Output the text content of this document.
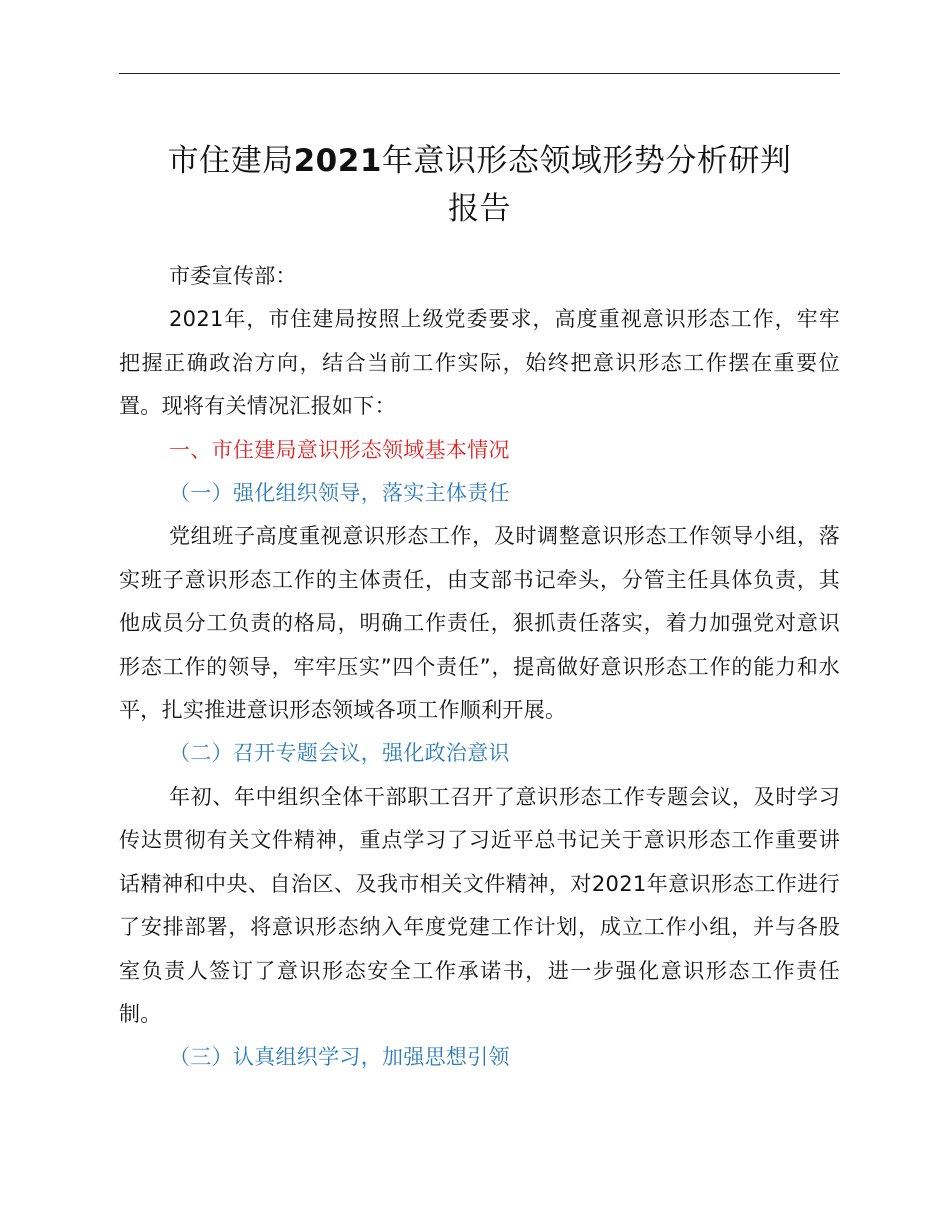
市住建局2021年意识形态领域形势分析研判
报告

市委宣传部：

2021年，市住建局按照上级党委要求，高度重视意识形态工作，牢牢把握正确政治方向，结合当前工作实际，始终把意识形态工作摆在重要位置。现将有关情况汇报如下：

一、市住建局意识形态领域基本情况

（一）强化组织领导，落实主体责任

党组班子高度重视意识形态工作，及时调整意识形态工作领导小组，落实班子意识形态工作的主体责任，由支部书记牵头，分管主任具体负责，其他成员分工负责的格局，明确工作责任，狠抓责任落实，着力加强党对意识形态工作的领导，牢牢压实”四个责任”，提高做好意识形态工作的能力和水平，扎实推进意识形态领域各项工作顺利开展。

（二）召开专题会议，强化政治意识

年初、年中组织全体干部职工召开了意识形态工作专题会议，及时学习传达贯彻有关文件精神，重点学习了习近平总书记关于意识形态工作重要讲话精神和中央、自治区、及我市相关文件精神，对2021年意识形态工作进行了安排部署，将意识形态纳入年度党建工作计划，成立工作小组，并与各股室负责人签订了意识形态安全工作承诺书，进一步强化意识形态工作责任制。

（三）认真组织学习，加强思想引领
